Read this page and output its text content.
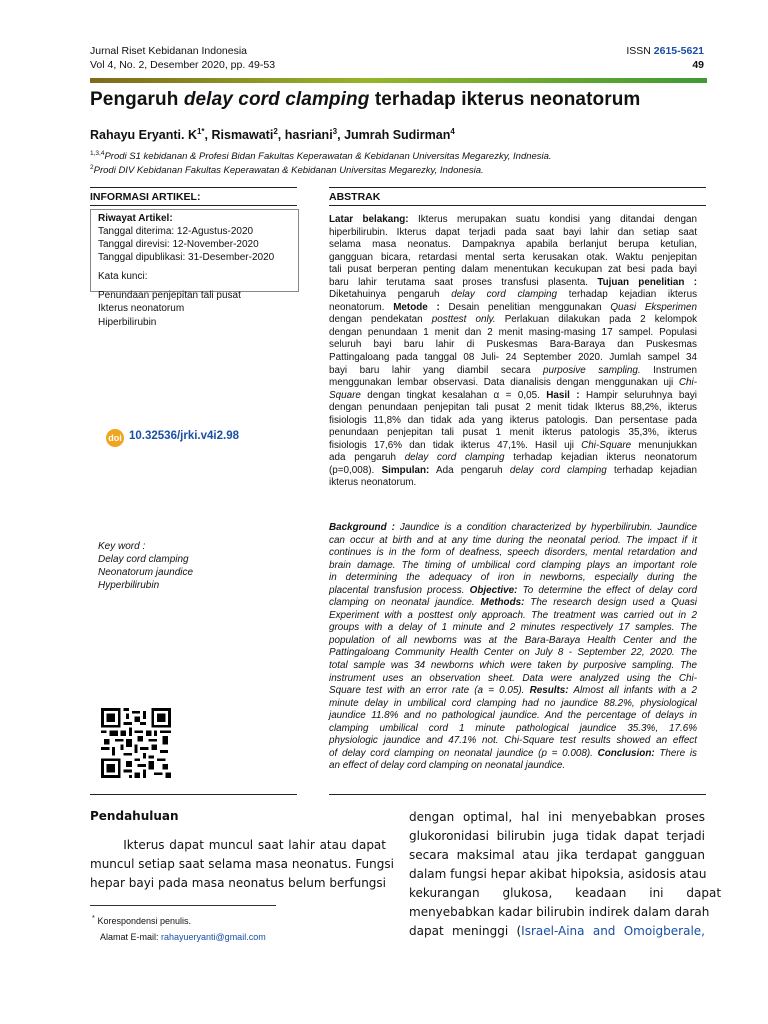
Jurnal Riset Kebidanan Indonesia
Vol 4, No. 2, Desember 2020, pp. 49-53
ISSN 2615-5621
49
Pengaruh delay cord clamping terhadap ikterus neonatorum
Rahayu Eryanti. $K^{1*}$, Rismawati$^2$, hasriani$^3$, Jumrah Sudirman$^4$
$^{1,3,4}$Prodi S1 kebidanan & Profesi Bidan Fakultas Keperawatan & Kebidanan Universitas Megarezky, Indnesia.
$^2$Prodi DIV Kebidanan Fakultas Keperawatan & Kebidanan Universitas Megarezky, Indonesia.
INFORMASI ARTIKEL:	ABSTRAK
Riwayat Artikel:
Tanggal diterima: 12-Agustus-2020
Tanggal direvisi: 12-November-2020
Tanggal dipublikasi: 31-Desember-2020
Kata kunci:
Penundaan penjepitan tali pusat
Ikterus neonatorum
Hiperbilirubin
doi 10.32536/jrki.v4i2.98
Key word :
Delay cord clamping
Neonatorum jaundice
Hyperbilirubin
Latar belakang: Ikterus merupakan suatu kondisi yang ditandai dengan
hiperbilirubin. Ikterus dapat terjadi pada saat bayi lahir dan setiap saat
selama masa neonatus. Dampaknya apabila berlanjut berupa ketulian,
gangguan bicara, retardasi mental serta kerusakan otak. Waktu penjepitan
tali pusat berperan penting dalam menentukan kecukupan zat besi pada bayi
baru lahir terutama saat proses transfusi plasenta. Tujuan penelitian :
Diketahuinya pengaruh delay cord clamping terhadap kejadian ikterus
neonatorum. Metode : Desain penelitian menggunakan Quasi Eksperimen
dengan pendekatan posttest only. Perlakuan dilakukan pada 2 kelompok
dengan penundaan 1 menit dan 2 menit masing-masing 17 sampel. Populasi
seluruh bayi baru lahir di Puskesmas Bara-Baraya dan Puskesmas
Pattingaloang pada tanggal 08 Juli- 24 September 2020. Jumlah sampel 34
bayi baru lahir yang diambil secara purposive sampling. Instrumen
menggunakan lembar observasi. Data dianalisis dengan menggunakan uji Chi-
Square dengan tingkat kesalahan α = 0,05. Hasil : Hampir seluruhnya bayi
dengan penundaan penjepitan tali pusat 2 menit tidak Ikterus 88,2%, ikterus
fisiologis 11,8% dan tidak ada yang ikterus patologis. Dan persentase pada
penundaan penjepitan tali pusat 1 menit ikterus patologis 35,3%, ikterus
fisiologis 17,6% dan tidak ikterus 47,1%. Hasil uji Chi-Square menunjukkan
ada pengaruh delay cord clamping terhadap kejadian ikterus neonatorum
(p=0,008). Simpulan: Ada pengaruh delay cord clamping terhadap kejadian
ikterus neonatorum.
Background : Jaundice is a condition characterized by hyperbilirubin. Jaundice
can occur at birth and at any time during the neonatal period. The impact if it
continues is in the form of deafness, speech disorders, mental retardation and
brain damage. The timing of umbilical cord clamping plays an important role
in determining the adequacy of iron in newborns, especially during the
placental transfusion process. Objective: To determine the effect of delay cord
clamping on neonatal jaundice. Methods: The research design used a Quasi
Experiment with a posttest only approach. The treatment was carried out in 2
groups with a delay of 1 minute and 2 minutes respectively 17 samples. The
population of all newborns was at the Bara-Baraya Health Center and the
Pattingaloang Community Health Center on July 8 - September 22, 2020. The
total sample was 34 newborns which were taken by purposive sampling. The
instrument uses an observation sheet. Data were analyzed using the Chi-
Square test with an error rate (a = 0.05). Results: Almost all infants with a 2
minute delay in umbilical cord clamping had no jaundice 88.2%, physiological
jaundice 11.8% and no pathological jaundice. And the percentage of delays in
clamping umbilical cord 1 minute pathological jaundice 35.3%, 17.6%
physiologic jaundice and 47.1% not. Chi-Square test results showed an effect
of delay cord clamping on neonatal jaundice (p = 0.008). Conclusion: There is
an effect of delay cord clamping on neonatal jaundice.
Pendahuluan
Ikterus dapat muncul saat lahir atau dapat
muncul setiap saat selama masa neonatus. Fungsi
hepar bayi pada masa neonatus belum berfungsi
dengan optimal, hal ini menyebabkan proses
glukoronidasi bilirubin juga tidak dapat terjadi
secara maksimal atau jika terdapat gangguan
dalam fungsi hepar akibat hipoksia, asidosis atau
kekurangan      glukosa,      keadaan      ini      dapat
menyebabkan kadar bilirubin indirek dalam darah
dapat meninggi (Israel-Aina and Omoigberale,
* Korespondensi penulis.
Alamat E-mail: rahayueryanti@gmail.com
